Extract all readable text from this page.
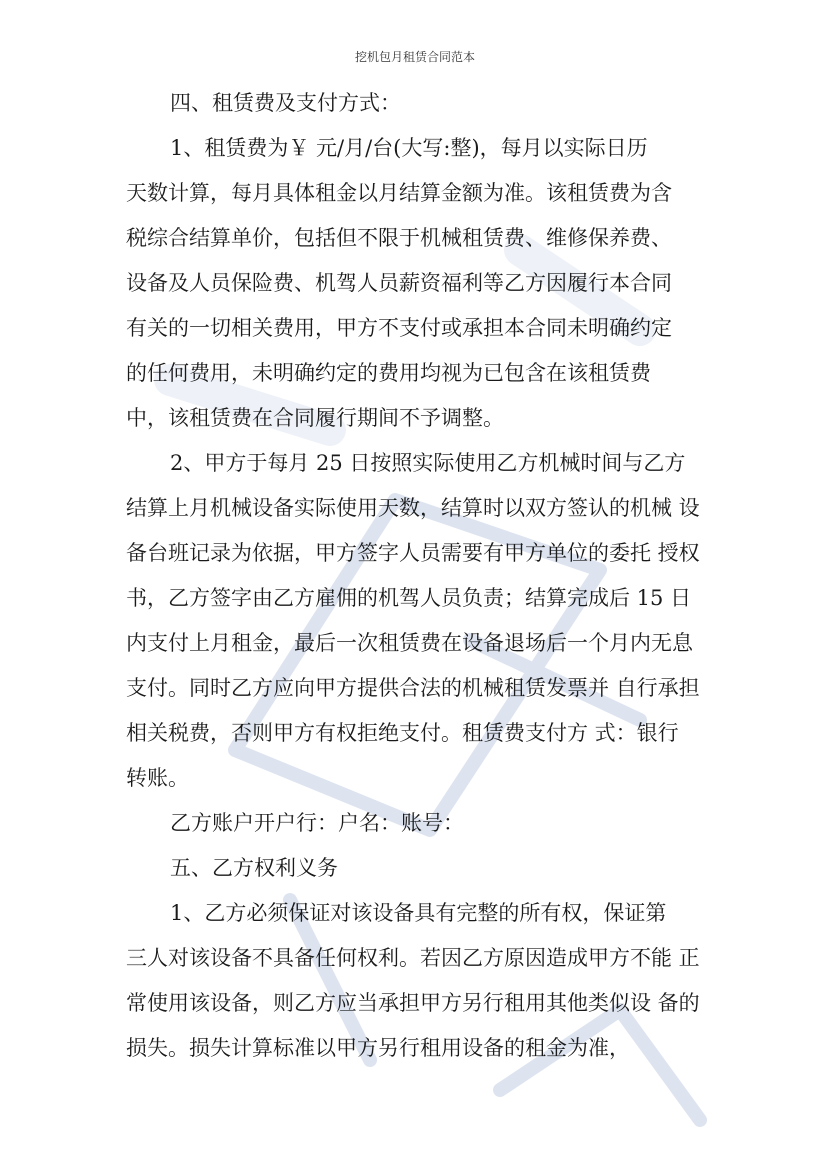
挖机包月租赁合同范本
四、租赁费及支付方式：
1、租赁费为￥ 元/月/台(大写:整)，每月以实际日历
天数计算，每月具体租金以月结算金额为准。该租赁费为含
税综合结算单价，包括但不限于机械租赁费、维修保养费、
设备及人员保险费、机驾人员薪资福利等乙方因履行本合同
有关的一切相关费用，甲方不支付或承担本合同未明确约定
的任何费用，未明确约定的费用均视为已包含在该租赁费
中，该租赁费在合同履行期间不予调整。
2、甲方于每月 25 日按照实际使用乙方机械时间与乙方
结算上月机械设备实际使用天数，结算时以双方签认的机械 设
备台班记录为依据，甲方签字人员需要有甲方单位的委托 授权
书，乙方签字由乙方雇佣的机驾人员负责；结算完成后 15 日
内支付上月租金，最后一次租赁费在设备退场后一个月内无息
支付。同时乙方应向甲方提供合法的机械租赁发票并 自行承担
相关税费，否则甲方有权拒绝支付。租赁费支付方 式：银行
转账。
乙方账户开户行：户名：账号：
五、乙方权利义务
1、乙方必须保证对该设备具有完整的所有权，保证第
三人对该设备不具备任何权利。若因乙方原因造成甲方不能 正
常使用该设备，则乙方应当承担甲方另行租用其他类似设 备的
损失。损失计算标准以甲方另行租用设备的租金为准，
